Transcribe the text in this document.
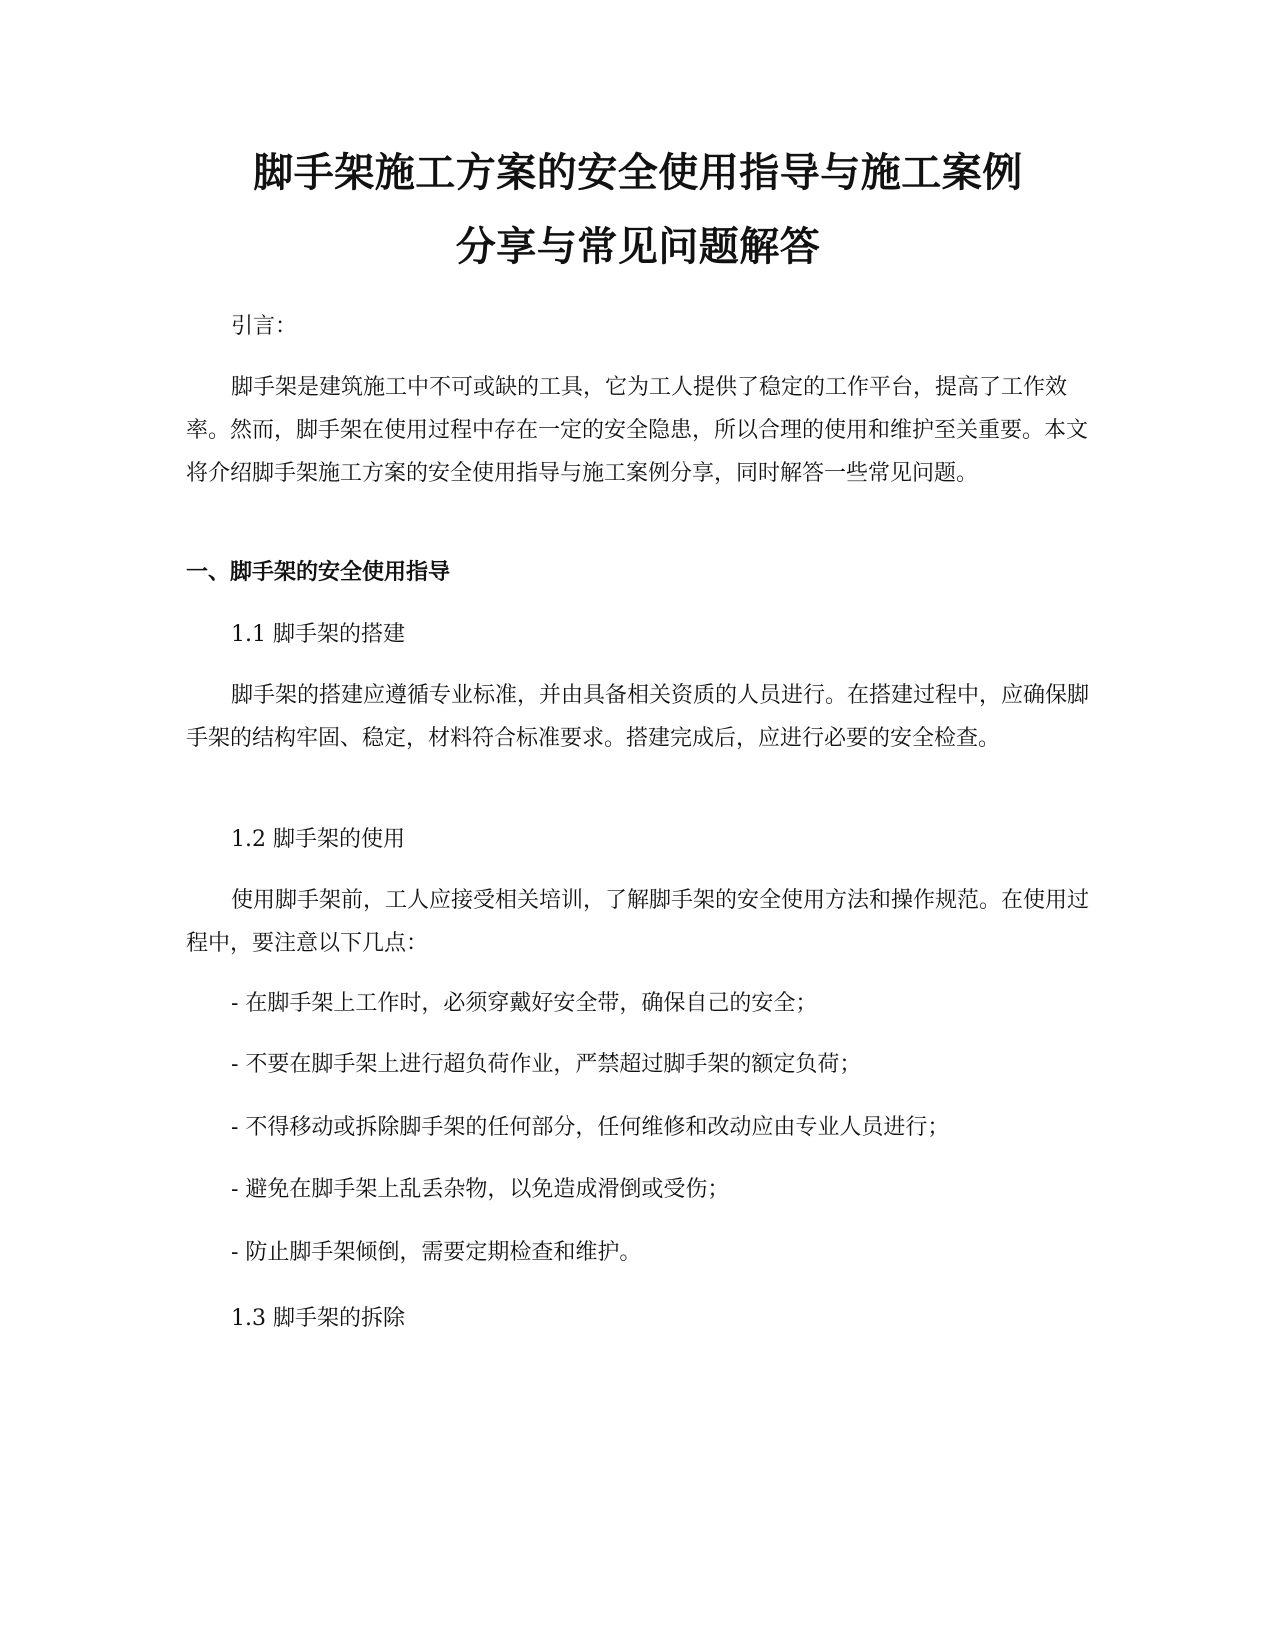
脚手架施工方案的安全使用指导与施工案例
分享与常见问题解答

引言：

脚手架是建筑施工中不可或缺的工具，它为工人提供了稳定的工作平台，提高了工作效率。然而，脚手架在使用过程中存在一定的安全隐患，所以合理的使用和维护至关重要。本文将介绍脚手架施工方案的安全使用指导与施工案例分享，同时解答一些常见问题。

一、脚手架的安全使用指导

1.1 脚手架的搭建

脚手架的搭建应遵循专业标准，并由具备相关资质的人员进行。在搭建过程中，应确保脚手架的结构牢固、稳定，材料符合标准要求。搭建完成后，应进行必要的安全检查。

1.2 脚手架的使用

使用脚手架前，工人应接受相关培训，了解脚手架的安全使用方法和操作规范。在使用过程中，要注意以下几点：

- 在脚手架上工作时，必须穿戴好安全带，确保自己的安全；
- 不要在脚手架上进行超负荷作业，严禁超过脚手架的额定负荷；
- 不得移动或拆除脚手架的任何部分，任何维修和改动应由专业人员进行；
- 避免在脚手架上乱丢杂物，以免造成滑倒或受伤；
- 防止脚手架倾倒，需要定期检查和维护。

1.3 脚手架的拆除
